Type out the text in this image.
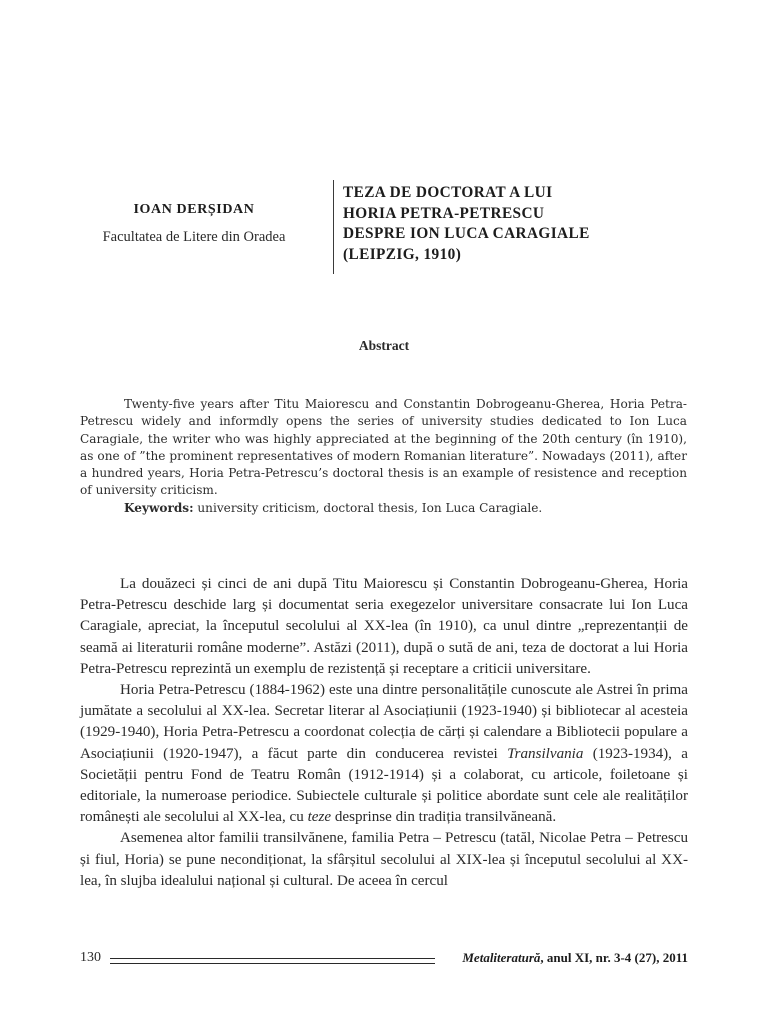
IOAN DERȘIDAN
Facultatea de Litere din Oradea
TEZA DE DOCTORAT A LUI
HORIA PETRA-PETRESCU
DESPRE ION LUCA CARAGIALE
(LEIPZIG, 1910)
Abstract

Twenty-five years after Titu Maiorescu and Constantin Dobrogeanu-Gherea, Horia Petra-Petrescu widely and informdly opens the series of university studies dedicated to Ion Luca Caragiale, the writer who was highly appreciated at the beginning of the 20th century (în 1910), as one of ”the prominent representatives of modern Romanian literature”. Nowadays (2011), after a hundred years, Horia Petra-Petrescu’s doctoral thesis is an example of resistence and reception of university criticism.

Keywords: university criticism, doctoral thesis, Ion Luca Caragiale.

La douăzeci și cinci de ani după Titu Maiorescu și Constantin Dobrogeanu-Gherea, Horia Petra-Petrescu deschide larg și documentat seria exegezelor universitare consacrate lui Ion Luca Caragiale, apreciat, la începutul secolului al XX-lea (în 1910), ca unul dintre „reprezentanții de seamă ai literaturii române moderne”. Astăzi (2011), după o sută de ani, teza de doctorat a lui Horia Petra-Petrescu reprezintă un exemplu de rezistență și receptare a criticii universitare.

Horia Petra-Petrescu (1884-1962) este una dintre personalitățile cunoscute ale Astrei în prima jumătate a secolului al XX-lea. Secretar literar al Asociațiunii (1923-1940) și bibliotecar al acesteia (1929-1940), Horia Petra-Petrescu a coordonat colecția de cărți și calendare a Bibliotecii populare a Asociațiunii (1920-1947), a făcut parte din conducerea revistei Transilvania (1923-1934), a Societății pentru Fond de Teatru Român (1912-1914) și a colaborat, cu articole, foiletoane și editoriale, la numeroase periodice. Subiectele culturale și politice abordate sunt cele ale realităților românești ale secolului al XX-lea, cu teze desprinse din tradiția transilvăneană.

Asemenea altor familii transilvănene, familia Petra – Petrescu (tatăl, Nicolae Petra – Petrescu și fiul, Horia) se pune necondiționat, la sfârșitul secolului al XIX-lea și începutul secolului al XX-lea, în slujba idealului național și cultural. De aceea în cercul

130	Metaliteratură, anul XI, nr. 3-4 (27), 2011
